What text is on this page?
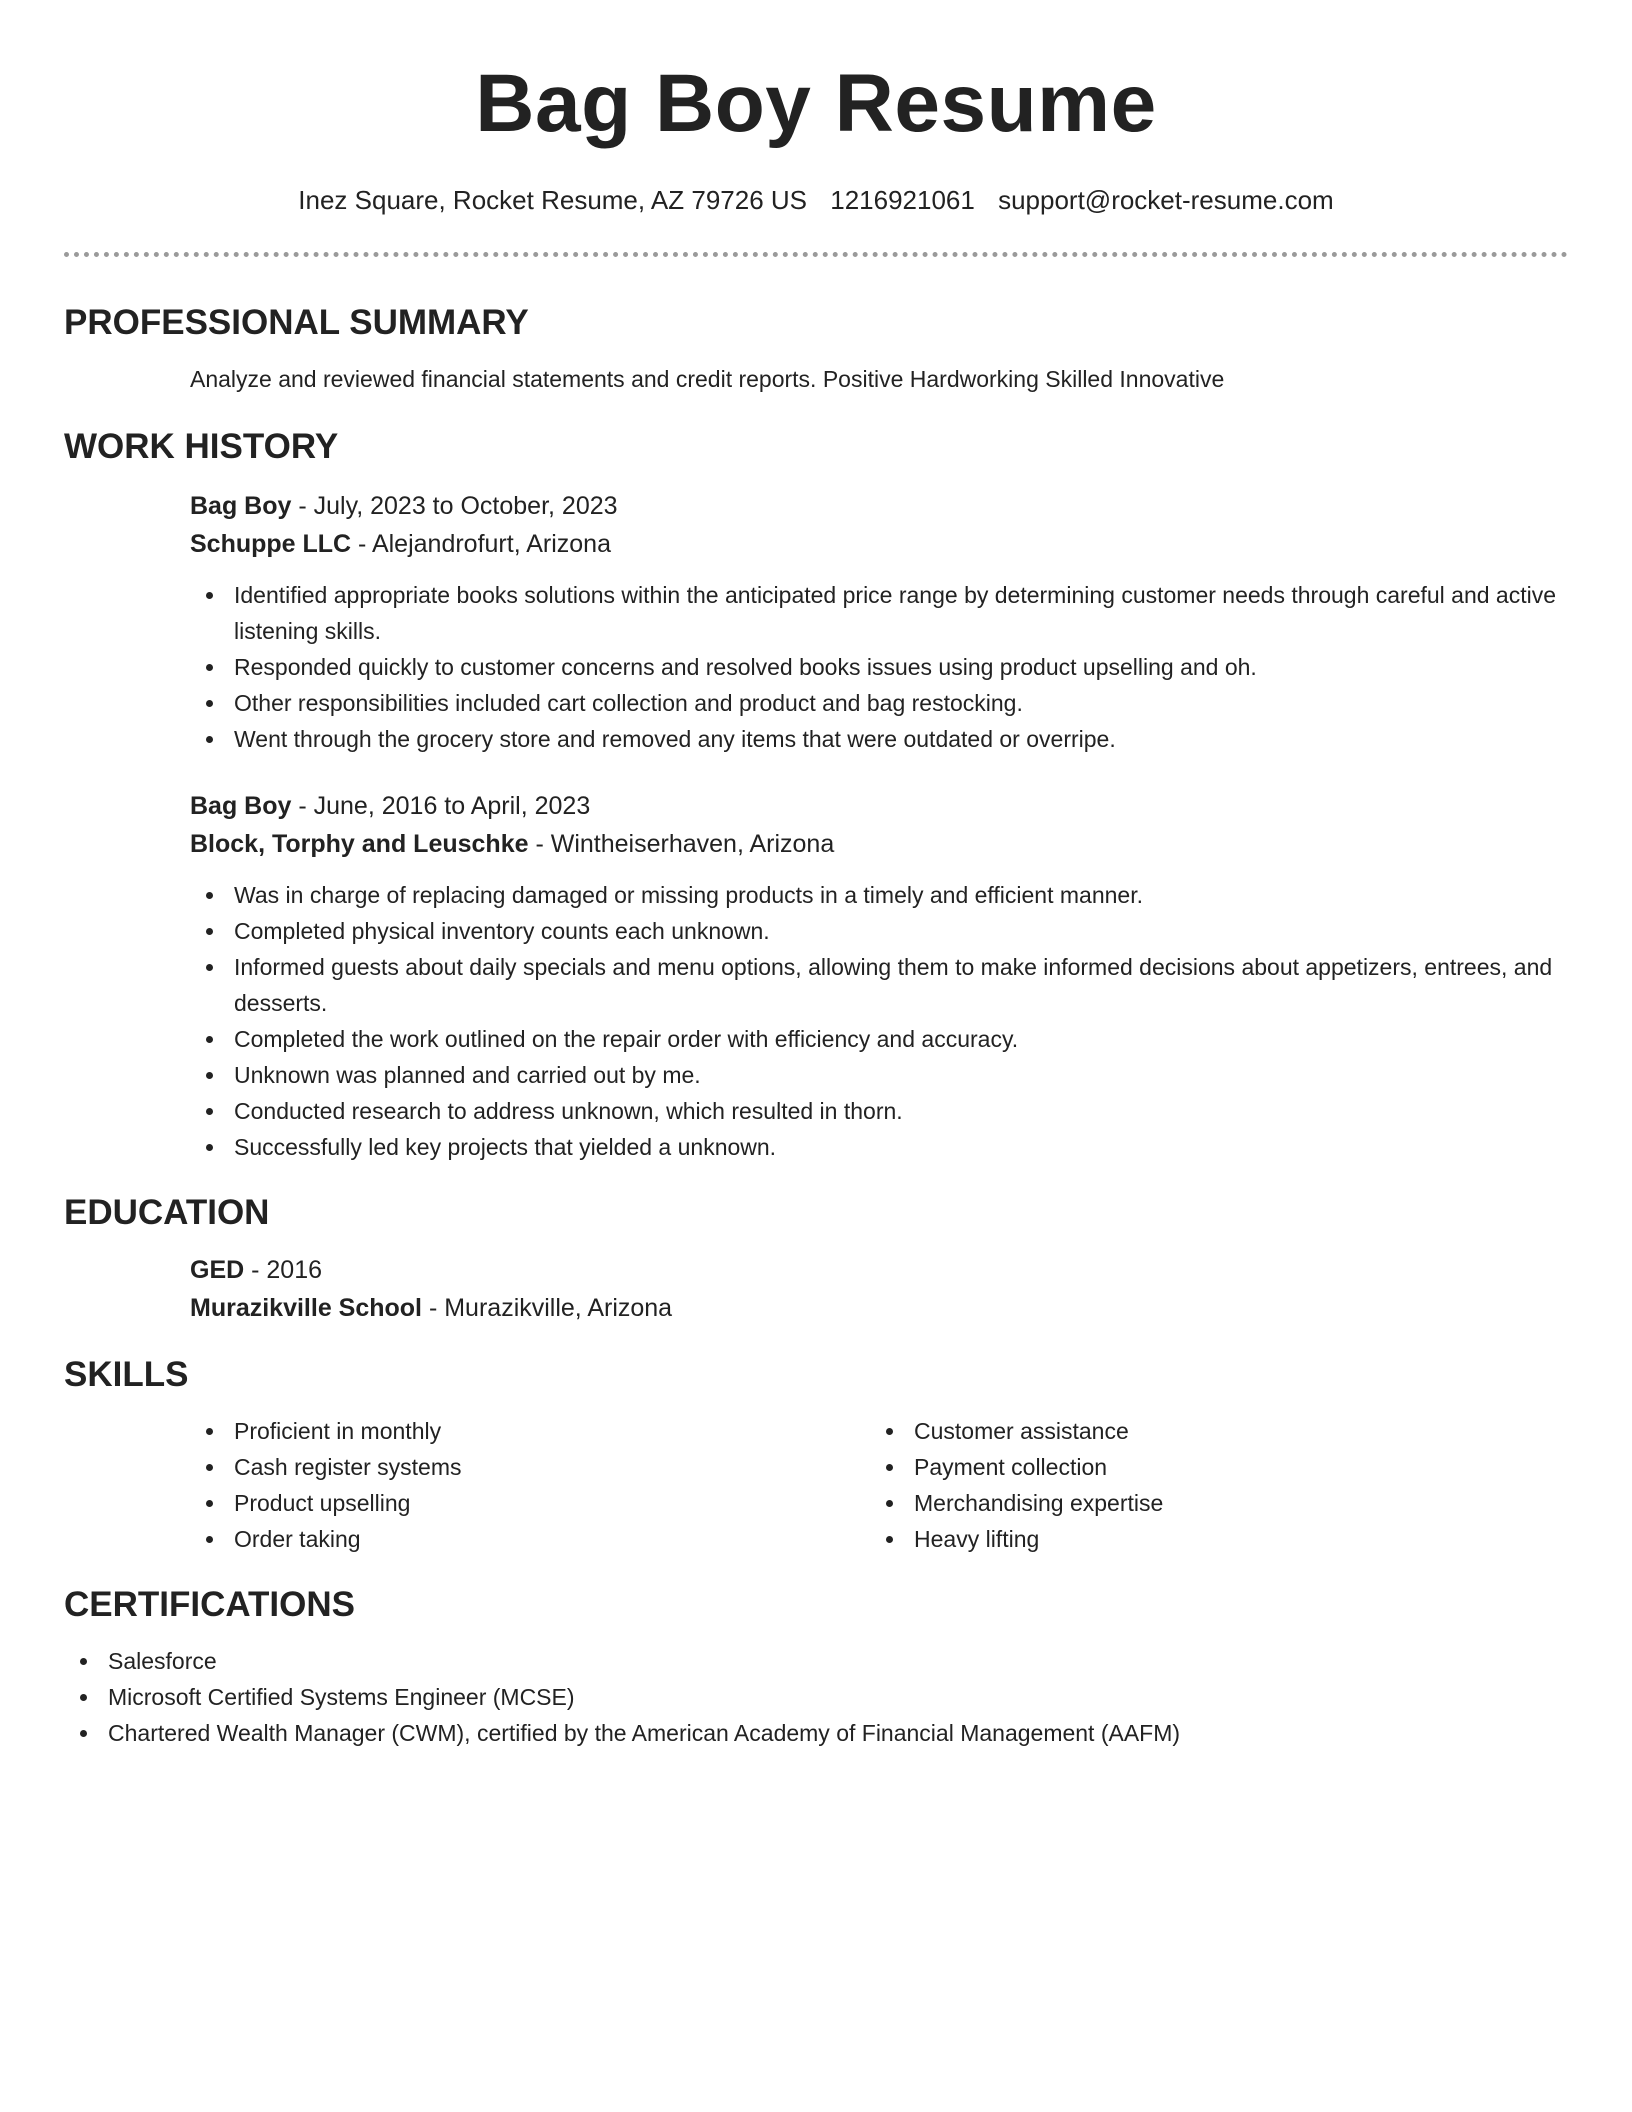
Bag Boy Resume
Inez Square, Rocket Resume, AZ 79726 US 1216921061 support@rocket-resume.com
PROFESSIONAL SUMMARY
Analyze and reviewed financial statements and credit reports. Positive Hardworking Skilled Innovative
WORK HISTORY
Bag Boy - July, 2023 to October, 2023
Schuppe LLC - Alejandrofurt, Arizona
Identified appropriate books solutions within the anticipated price range by determining customer needs through careful and active listening skills.
Responded quickly to customer concerns and resolved books issues using product upselling and oh.
Other responsibilities included cart collection and product and bag restocking.
Went through the grocery store and removed any items that were outdated or overripe.
Bag Boy - June, 2016 to April, 2023
Block, Torphy and Leuschke - Wintheiserhaven, Arizona
Was in charge of replacing damaged or missing products in a timely and efficient manner.
Completed physical inventory counts each unknown.
Informed guests about daily specials and menu options, allowing them to make informed decisions about appetizers, entrees, and desserts.
Completed the work outlined on the repair order with efficiency and accuracy.
Unknown was planned and carried out by me.
Conducted research to address unknown, which resulted in thorn.
Successfully led key projects that yielded a unknown.
EDUCATION
GED - 2016
Murazikville School - Murazikville, Arizona
SKILLS
Proficient in monthly
Cash register systems
Product upselling
Order taking
Customer assistance
Payment collection
Merchandising expertise
Heavy lifting
CERTIFICATIONS
Salesforce
Microsoft Certified Systems Engineer (MCSE)
Chartered Wealth Manager (CWM), certified by the American Academy of Financial Management (AAFM)
